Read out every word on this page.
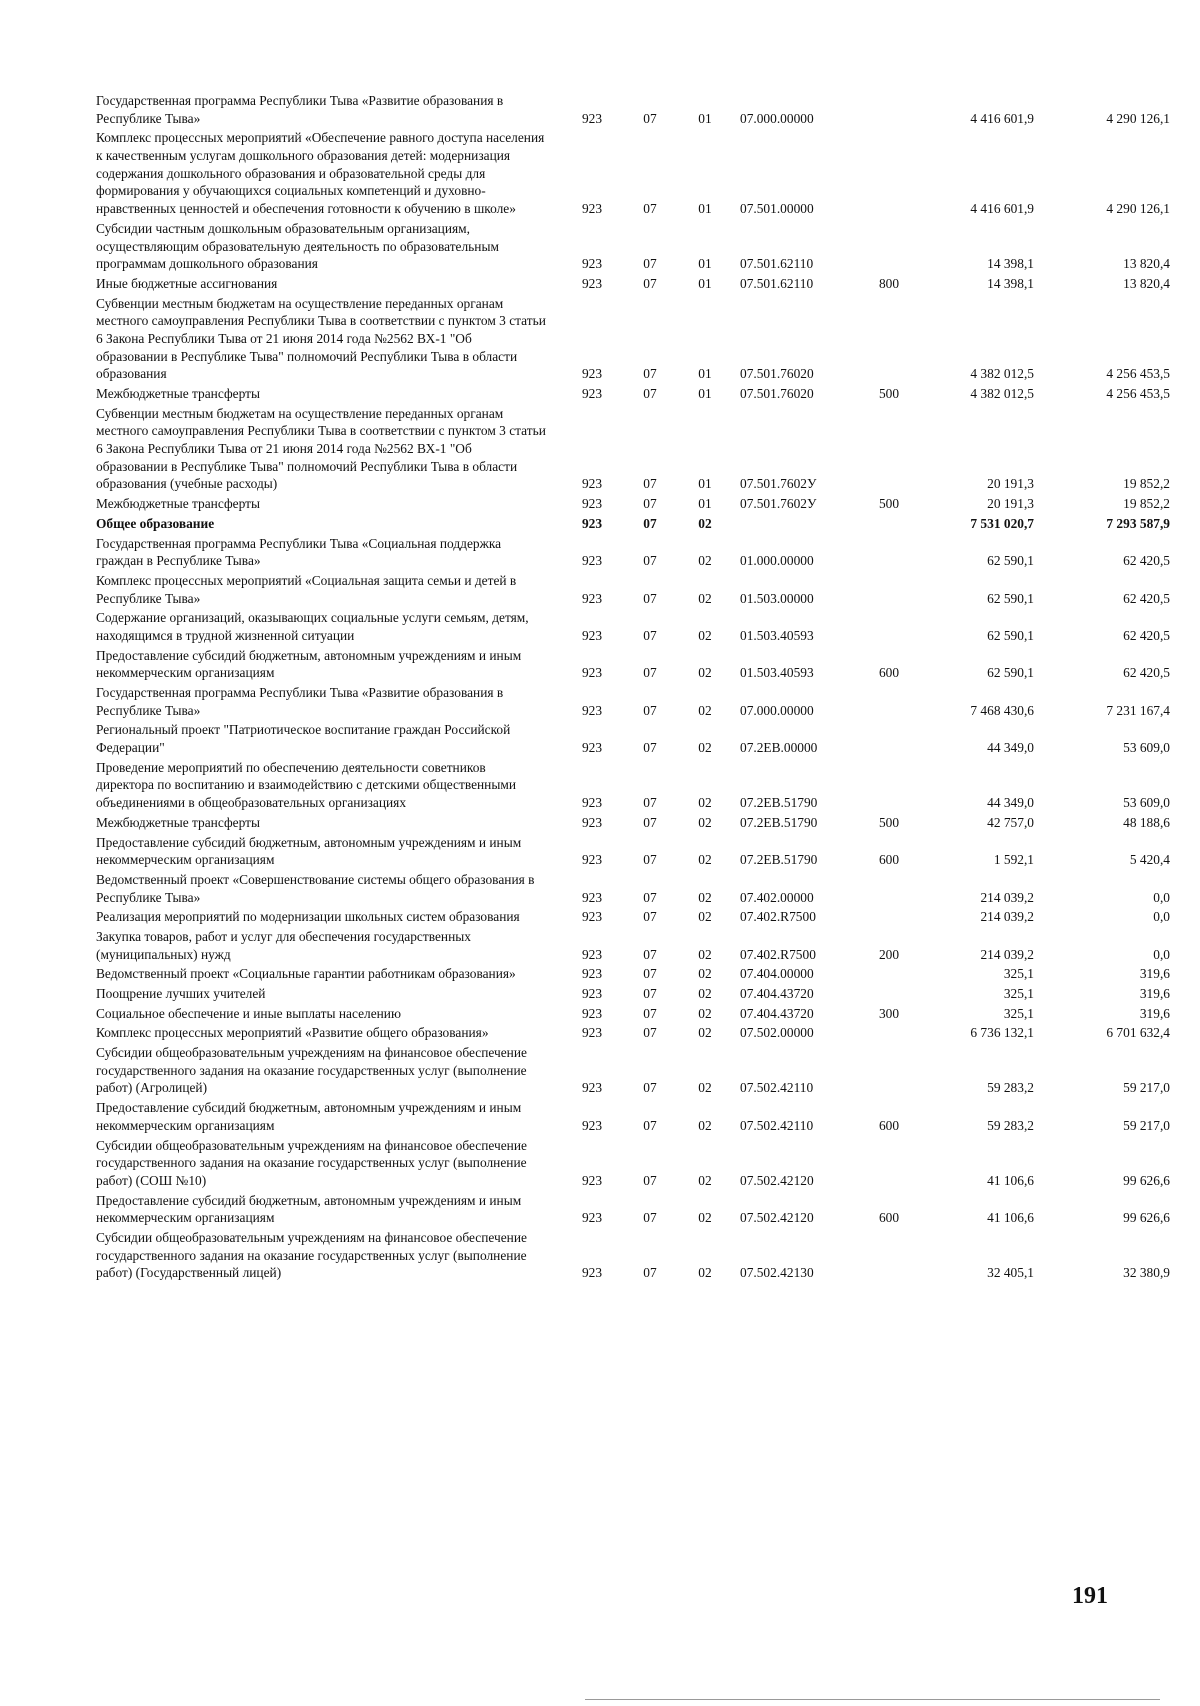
Государственная программа Республики Тыва «Развитие образования в Республике Тыва»	923	07	01	07.000.00000		4 416 601,9	4 290 126,1
Комплекс процессных мероприятий «Обеспечение равного доступа населения к качественным услугам дошкольного образования детей: модернизация содержания дошкольного образования и образовательной среды для формирования у обучающихся социальных компетенций и духовно-нравственных ценностей и обеспечения готовности к обучению в школе»	923	07	01	07.501.00000		4 416 601,9	4 290 126,1
Субсидии частным дошкольным образовательным организациям, осуществляющим образовательную деятельность по образовательным программам дошкольного образования	923	07	01	07.501.62110		14 398,1	13 820,4
Иные бюджетные ассигнования	923	07	01	07.501.62110	800	14 398,1	13 820,4
Субвенции местным бюджетам на осуществление переданных органам местного самоуправления Республики Тыва в соответствии с пунктом 3 статьи 6 Закона Республики Тыва от 21 июня 2014 года №2562 ВХ-1 "Об образовании в Республике Тыва" полномочий Республики Тыва в области образования	923	07	01	07.501.76020		4 382 012,5	4 256 453,5
Межбюджетные трансферты	923	07	01	07.501.76020	500	4 382 012,5	4 256 453,5
Субвенции местным бюджетам на осуществление переданных органам местного самоуправления Республики Тыва в соответствии с пунктом 3 статьи 6 Закона Республики Тыва от 21 июня 2014 года №2562 ВХ-1 "Об образовании в Республике Тыва" полномочий Республики Тыва в области образования (учебные расходы)	923	07	01	07.501.7602У		20 191,3	19 852,2
Межбюджетные трансферты	923	07	01	07.501.7602У	500	20 191,3	19 852,2
Общее образование	923	07	02			7 531 020,7	7 293 587,9
Государственная программа Республики Тыва «Социальная поддержка граждан в Республике Тыва»	923	07	02	01.000.00000		62 590,1	62 420,5
Комплекс процессных мероприятий «Социальная защита семьи и детей в Республике Тыва»	923	07	02	01.503.00000		62 590,1	62 420,5
Содержание организаций, оказывающих социальные услуги семьям, детям, находящимся в трудной жизненной ситуации	923	07	02	01.503.40593		62 590,1	62 420,5
Предоставление субсидий бюджетным, автономным учреждениям и иным некоммерческим организациям	923	07	02	01.503.40593	600	62 590,1	62 420,5
Государственная программа Республики Тыва «Развитие образования в Республике Тыва»	923	07	02	07.000.00000		7 468 430,6	7 231 167,4
Региональный проект "Патриотическое воспитание граждан Российской Федерации"	923	07	02	07.2ЕВ.00000		44 349,0	53 609,0
Проведение мероприятий по обеспечению деятельности советников директора по воспитанию и взаимодействию с детскими общественными объединениями в общеобразовательных организациях	923	07	02	07.2ЕВ.51790		44 349,0	53 609,0
Межбюджетные трансферты	923	07	02	07.2ЕВ.51790	500	42 757,0	48 188,6
Предоставление субсидий бюджетным, автономным учреждениям и иным некоммерческим организациям	923	07	02	07.2ЕВ.51790	600	1 592,1	5 420,4
Ведомственный проект «Совершенствование системы общего образования в Республике Тыва»	923	07	02	07.402.00000		214 039,2	0,0
Реализация мероприятий по модернизации школьных систем образования	923	07	02	07.402.R7500		214 039,2	0,0
Закупка товаров, работ и услуг для обеспечения государственных (муниципальных) нужд	923	07	02	07.402.R7500	200	214 039,2	0,0
Ведомственный проект «Социальные гарантии работникам образования»	923	07	02	07.404.00000		325,1	319,6
Поощрение лучших учителей	923	07	02	07.404.43720		325,1	319,6
Социальное обеспечение и иные выплаты населению	923	07	02	07.404.43720	300	325,1	319,6
Комплекс процессных мероприятий «Развитие общего образования»	923	07	02	07.502.00000		6 736 132,1	6 701 632,4
Субсидии общеобразовательным учреждениям на финансовое обеспечение государственного задания на оказание государственных услуг (выполнение работ) (Агролицей)	923	07	02	07.502.42110		59 283,2	59 217,0
Предоставление субсидий бюджетным, автономным учреждениям и иным некоммерческим организациям	923	07	02	07.502.42110	600	59 283,2	59 217,0
Субсидии общеобразовательным учреждениям на финансовое обеспечение государственного задания на оказание государственных услуг (выполнение работ) (СОШ №10)	923	07	02	07.502.42120		41 106,6	99 626,6
Предоставление субсидий бюджетным, автономным учреждениям и иным некоммерческим организациям	923	07	02	07.502.42120	600	41 106,6	99 626,6
Субсидии общеобразовательным учреждениям на финансовое обеспечение государственного задания на оказание государственных услуг (выполнение работ) (Государственный лицей)	923	07	02	07.502.42130		32 405,1	32 380,9
191
